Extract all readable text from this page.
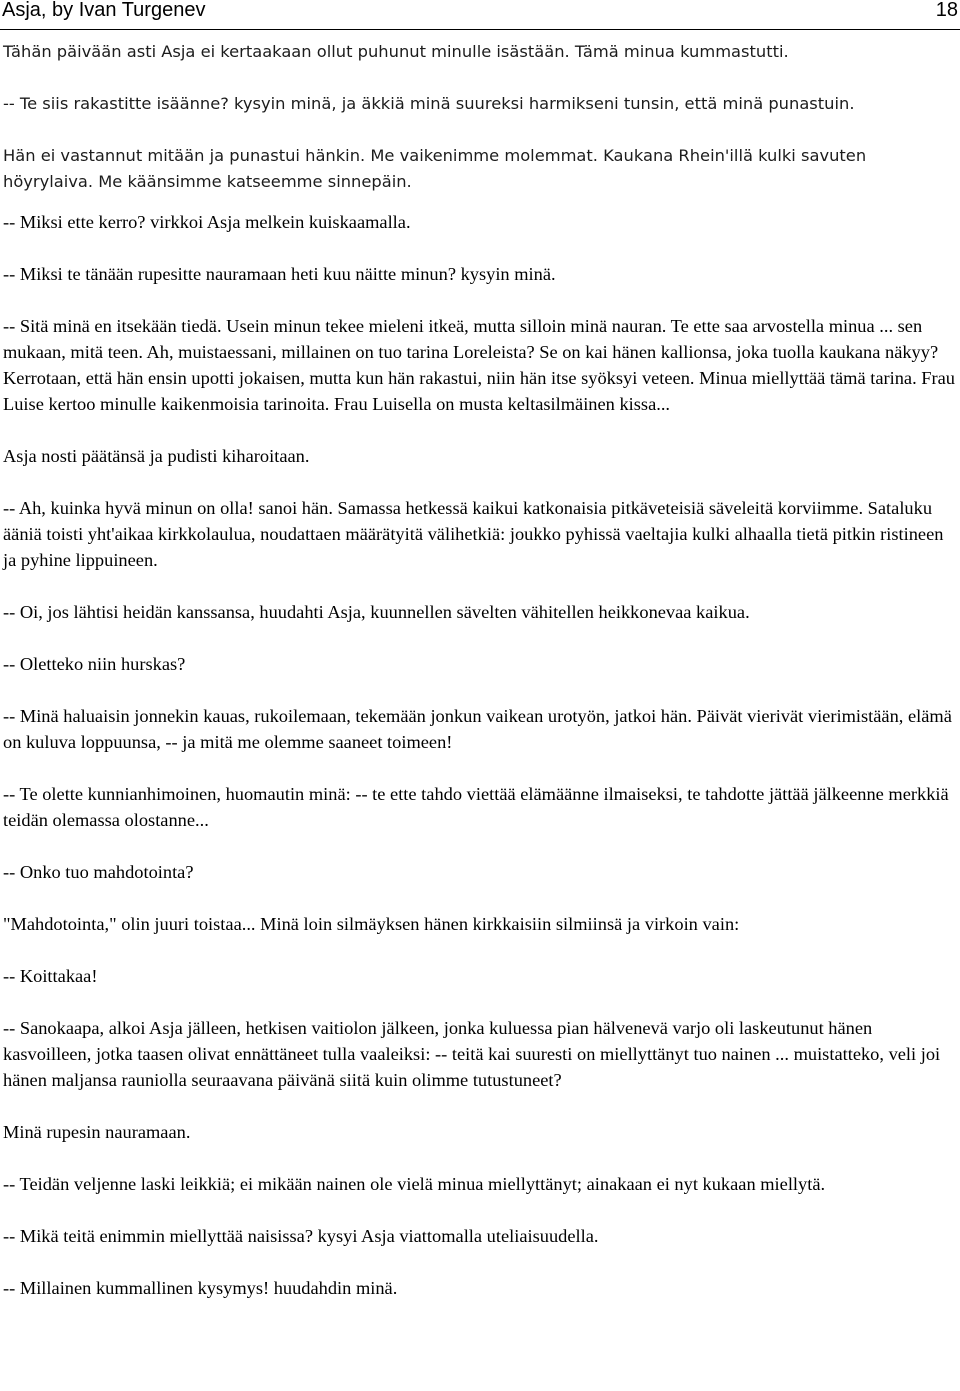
Asja, by Ivan Turgenev	18

Tähän päivään asti Asja ei kertaakaan ollut puhunut minulle isästään. Tämä minua kummastutti.

-- Te siis rakastitte isäänne? kysyin minä, ja äkkiä minä suureksi harmikseni tunsin, että minä punastuin.

Hän ei vastannut mitään ja punastui hänkin. Me vaikenimme molemmat. Kaukana Rhein'illä kulki savuten höyrylaiva. Me käänsimme katseemme sinnepäin.

-- Miksi ette kerro? virkkoi Asja melkein kuiskaamalla.

-- Miksi te tänään rupesitte nauramaan heti kuu näitte minun? kysyin minä.

-- Sitä minä en itsekään tiedä. Usein minun tekee mieleni itkeä, mutta silloin minä nauran. Te ette saa arvostella minua ... sen mukaan, mitä teen. Ah, muistaessani, millainen on tuo tarina Loreleista? Se on kai hänen kallionsa, joka tuolla kaukana näkyy? Kerrotaan, että hän ensin upotti jokaisen, mutta kun hän rakastui, niin hän itse syöksyi veteen. Minua miellyttää tämä tarina. Frau Luise kertoo minulle kaikenmoisia tarinoita. Frau Luisella on musta keltasilmäinen kissa...

Asja nosti päätänsä ja pudisti kiharoitaan.

-- Ah, kuinka hyvä minun on olla! sanoi hän. Samassa hetkessä kaikui katkonaisia pitkäveteisiä säveleitä korviimme. Sataluku ääniä toisti yht'aikaa kirkkolaulua, noudattaen määrätyitä välihetkiä: joukko pyhissä vaeltajia kulki alhaalla tietä pitkin ristineen ja pyhine lippuineen.

-- Oi, jos lähtisi heidän kanssansa, huudahti Asja, kuunnellen sävelten vähitellen heikkonevaa kaikua.

-- Oletteko niin hurskas?

-- Minä haluaisin jonnekin kauas, rukoilemaan, tekemään jonkun vaikean urotyön, jatkoi hän. Päivät vierivät vierimistään, elämä on kuluva loppuunsa, -- ja mitä me olemme saaneet toimeen!

-- Te olette kunnianhimoinen, huomautin minä: -- te ette tahdo viettää elämäänne ilmaiseksi, te tahdotte jättää jälkeenne merkkiä teidän olemassa olostanne...

-- Onko tuo mahdotointa?

"Mahdotointa," olin juuri toistaa... Minä loin silmäyksen hänen kirkkaisiin silmiinsä ja virkoin vain:

-- Koittakaa!

-- Sanokaapa, alkoi Asja jälleen, hetkisen vaitiolon jälkeen, jonka kuluessa pian hälvenevä varjo oli laskeutunut hänen kasvoilleen, jotka taasen olivat ennättäneet tulla vaaleiksi: -- teitä kai suuresti on miellyttänyt tuo nainen ... muistatteko, veli joi hänen maljansa rauniolla seuraavana päivänä siitä kuin olimme tutustuneet?

Minä rupesin nauramaan.

-- Teidän veljenne laski leikkiä; ei mikään nainen ole vielä minua miellyttänyt; ainakaan ei nyt kukaan miellytä.

-- Mikä teitä enimmin miellyttää naisissa? kysyi Asja viattomalla uteliaisuudella.

-- Millainen kummallinen kysymys! huudahdin minä.
